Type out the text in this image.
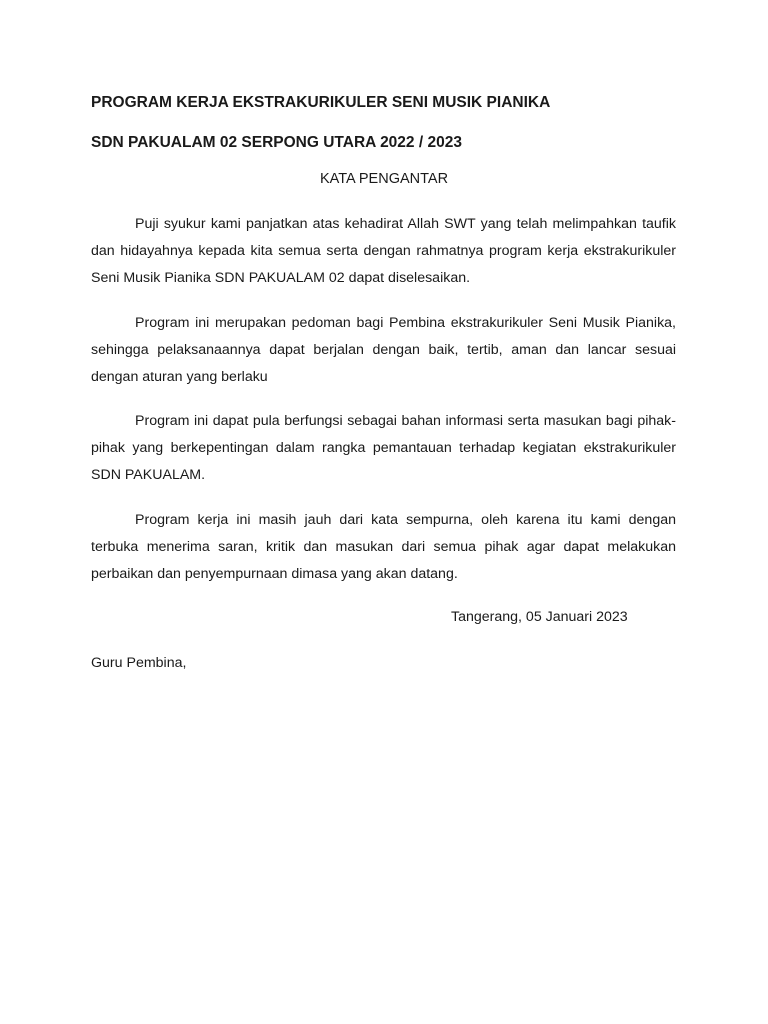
PROGRAM KERJA EKSTRAKURIKULER SENI MUSIK PIANIKA
SDN PAKUALAM 02 SERPONG UTARA 2022 / 2023
KATA PENGANTAR

Puji syukur kami panjatkan atas kehadirat Allah SWT yang telah melimpahkan taufik dan hidayahnya kepada kita semua serta dengan rahmatnya program kerja ekstrakurikuler Seni Musik Pianika SDN PAKUALAM 02 dapat diselesaikan.

Program ini merupakan pedoman bagi Pembina ekstrakurikuler Seni Musik Pianika, sehingga pelaksanaannya dapat berjalan dengan baik, tertib, aman dan lancar sesuai dengan aturan yang berlaku

Program ini dapat pula berfungsi sebagai bahan informasi serta masukan bagi pihak-pihak yang berkepentingan dalam rangka pemantauan terhadap kegiatan ekstrakurikuler SDN PAKUALAM.

Program kerja ini masih jauh dari kata sempurna, oleh karena itu kami dengan terbuka menerima saran, kritik dan masukan dari semua pihak agar dapat melakukan perbaikan dan penyempurnaan dimasa yang akan datang.

Tangerang, 05 Januari 2023
Guru Pembina,
